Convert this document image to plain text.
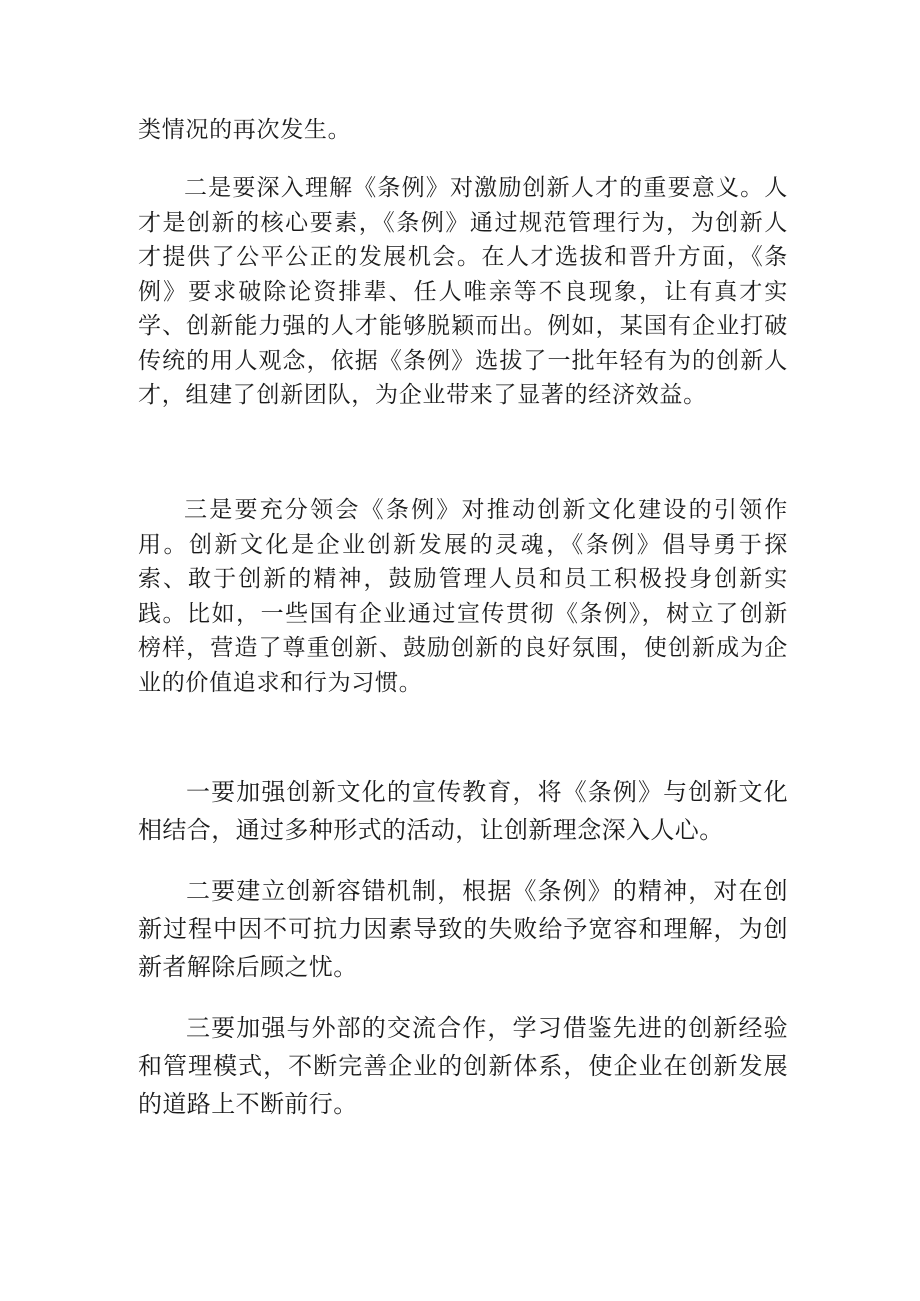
类情况的再次发生。

二是要深入理解《条例》对激励创新人才的重要意义。人才是创新的核心要素，《条例》通过规范管理行为，为创新人才提供了公平公正的发展机会。在人才选拔和晋升方面，《条例》要求破除论资排辈、任人唯亲等不良现象，让有真才实学、创新能力强的人才能够脱颖而出。例如，某国有企业打破传统的用人观念，依据《条例》选拔了一批年轻有为的创新人才，组建了创新团队，为企业带来了显著的经济效益。

三是要充分领会《条例》对推动创新文化建设的引领作用。创新文化是企业创新发展的灵魂，《条例》倡导勇于探索、敢于创新的精神，鼓励管理人员和员工积极投身创新实践。比如，一些国有企业通过宣传贯彻《条例》，树立了创新榜样，营造了尊重创新、鼓励创新的良好氛围，使创新成为企业的价值追求和行为习惯。

一要加强创新文化的宣传教育，将《条例》与创新文化相结合，通过多种形式的活动，让创新理念深入人心。

二要建立创新容错机制，根据《条例》的精神，对在创新过程中因不可抗力因素导致的失败给予宽容和理解，为创新者解除后顾之忧。

三要加强与外部的交流合作，学习借鉴先进的创新经验和管理模式，不断完善企业的创新体系，使企业在创新发展的道路上不断前行。
